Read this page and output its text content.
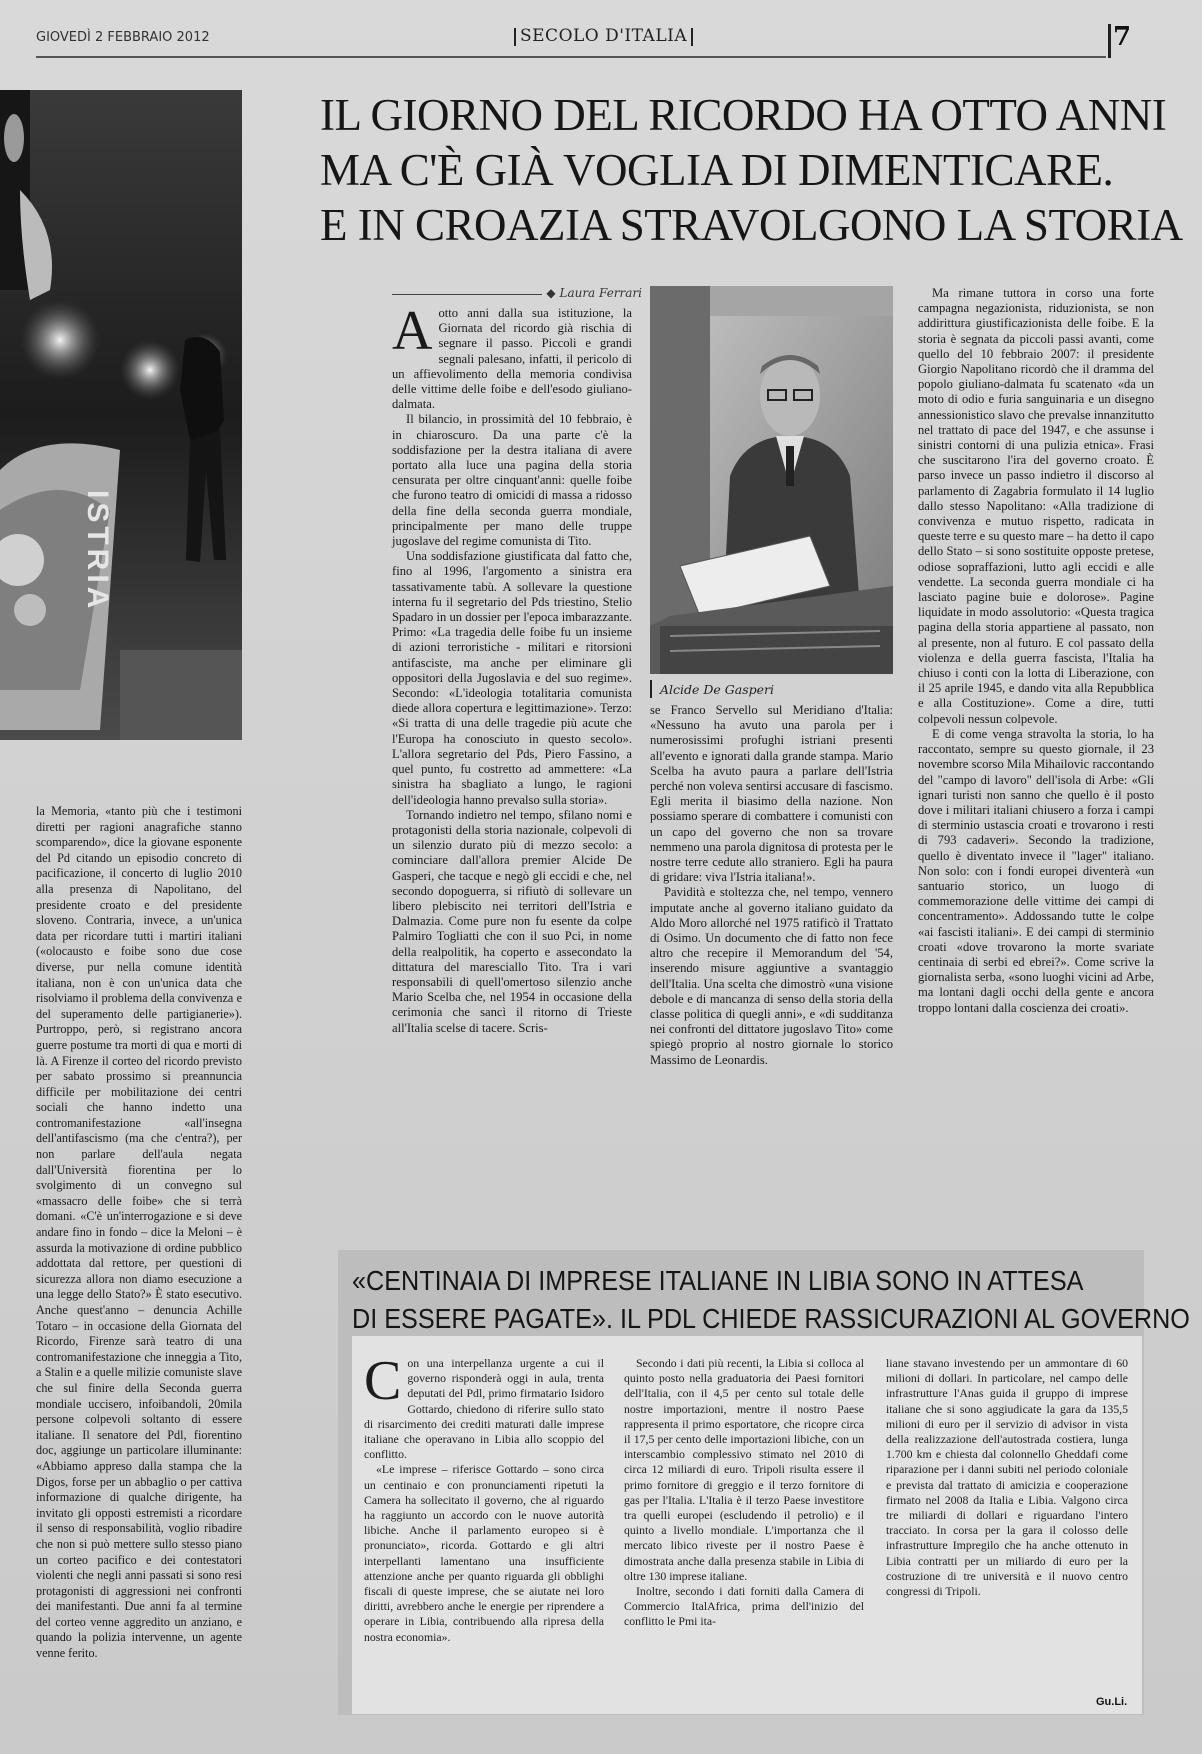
GIOVEDÌ 2 FEBBRAIO 2012	SECOLO D'ITALIA	7
ISTRIA
IL GIORNO DEL RICORDO HA OTTO ANNI
MA C'È GIÀ VOGLIA DI DIMENTICARE.
E IN CROAZIA STRAVOLGONO LA STORIA
◆ Laura Ferrari
A otto anni dalla sua istituzione, la Giornata del ricordo già rischia di segnare il passo. Piccoli e grandi segnali palesano, infatti, il pericolo di un affievolimento della memoria condivisa delle vittime delle foibe e dell'esodo giuliano-dalmata.

Il bilancio, in prossimità del 10 febbraio, è in chiaroscuro. Da una parte c'è la soddisfazione per la destra italiana di avere portato alla luce una pagina della storia censurata per oltre cinquant'anni: quelle foibe che furono teatro di omicidi di massa a ridosso della fine della seconda guerra mondiale, principalmente per mano delle truppe jugoslave del regime comunista di Tito.

Una soddisfazione giustificata dal fatto che, fino al 1996, l'argomento a sinistra era tassativamente tabù. A sollevare la questione interna fu il segretario del Pds triestino, Stelio Spadaro in un dossier per l'epoca imbarazzante. Primo: «La tragedia delle foibe fu un insieme di azioni terroristiche - militari e ritorsioni antifasciste, ma anche per eliminare gli oppositori della Jugoslavia e del suo regime». Secondo: «L'ideologia totalitaria comunista diede allora copertura e legittimazione». Terzo: «Si tratta di una delle tragedie più acute che l'Europa ha conosciuto in questo secolo». L'allora segretario del Pds, Piero Fassino, a quel punto, fu costretto ad ammettere: «La sinistra ha sbagliato a lungo, le ragioni dell'ideologia hanno prevalso sulla storia».

Tornando indietro nel tempo, sfilano nomi e protagonisti della storia nazionale, colpevoli di un silenzio durato più di mezzo secolo: a cominciare dall'allora premier Alcide De Gasperi, che tacque e negò gli eccidi e che, nel secondo dopoguerra, si rifiutò di sollevare un libero plebiscito nei territori dell'Istria e Dalmazia. Come pure non fu esente da colpe Palmiro Togliatti che con il suo Pci, in nome della realpolitik, ha coperto e assecondato la dittatura del maresciallo Tito. Tra i vari responsabili di quell'omertoso silenzio anche Mario Scelba che, nel 1954 in occasione della cerimonia che sancì il ritorno di Trieste all'Italia scelse di tacere. Scris-

Alcide De Gasperi

se Franco Servello sul Meridiano d'Italia: «Nessuno ha avuto una parola per i numerosissimi profughi istriani presenti all'evento e ignorati dalla grande stampa. Mario Scelba ha avuto paura a parlare dell'Istria perché non voleva sentirsi accusare di fascismo. Egli merita il biasimo della nazione. Non possiamo sperare di combattere i comunisti con un capo del governo che non sa trovare nemmeno una parola dignitosa di protesta per le nostre terre cedute allo straniero. Egli ha paura di gridare: viva l'Istria italiana!».

Pavidità e stoltezza che, nel tempo, vennero imputate anche al governo italiano guidato da Aldo Moro allorché nel 1975 ratificò il Trattato di Osimo. Un documento che di fatto non fece altro che recepire il Memorandum del '54, inserendo misure aggiuntive a svantaggio dell'Italia. Una scelta che dimostrò «una visione debole e di mancanza di senso della storia della classe politica di quegli anni», e «di sudditanza nei confronti del dittatore jugoslavo Tito» come spiegò proprio al nostro giornale lo storico Massimo de Leonardis.

Ma rimane tuttora in corso una forte campagna negazionista, riduzionista, se non addirittura giustificazionista delle foibe. E la storia è segnata da piccoli passi avanti, come quello del 10 febbraio 2007: il presidente Giorgio Napolitano ricordò che il dramma del popolo giuliano-dalmata fu scatenato «da un moto di odio e furia sanguinaria e un disegno annessionistico slavo che prevalse innanzitutto nel trattato di pace del 1947, e che assunse i sinistri contorni di una pulizia etnica». Frasi che suscitarono l'ira del governo croato. È parso invece un passo indietro il discorso al parlamento di Zagabria formulato il 14 luglio dallo stesso Napolitano: «Alla tradizione di convivenza e mutuo rispetto, radicata in queste terre e su questo mare – ha detto il capo dello Stato – si sono sostituite opposte pretese, odiose sopraffazioni, lutto agli eccidi e alle vendette. La seconda guerra mondiale ci ha lasciato pagine buie e dolorose». Pagine liquidate in modo assolutorio: «Questa tragica pagina della storia appartiene al passato, non al presente, non al futuro. E col passato della violenza e della guerra fascista, l'Italia ha chiuso i conti con la lotta di Liberazione, con il 25 aprile 1945, e dando vita alla Repubblica e alla Costituzione». Come a dire, tutti colpevoli nessun colpevole.

E di come venga stravolta la storia, lo ha raccontato, sempre su questo giornale, il 23 novembre scorso Mila Mihailovic raccontando del "campo di lavoro" dell'isola di Arbe: «Gli ignari turisti non sanno che quello è il posto dove i militari italiani chiusero a forza i campi di sterminio ustascia croati e trovarono i resti di 793 cadaveri». Secondo la tradizione, quello è diventato invece il "lager" italiano. Non solo: con i fondi europei diventerà «un santuario storico, un luogo di commemorazione delle vittime dei campi di concentramento». Addossando tutte le colpe «ai fascisti italiani». E dei campi di sterminio croati «dove trovarono la morte svariate centinaia di serbi ed ebrei?». Come scrive la giornalista serba, «sono luoghi vicini ad Arbe, ma lontani dagli occhi della gente e ancora troppo lontani dalla coscienza dei croati».

la Memoria, «tanto più che i testimoni diretti per ragioni anagrafiche stanno scomparendo», dice la giovane esponente del Pd citando un episodio concreto di pacificazione, il concerto di luglio 2010 alla presenza di Napolitano, del presidente croato e del presidente sloveno. Contraria, invece, a un'unica data per ricordare tutti i martiri italiani («olocausto e foibe sono due cose diverse, pur nella comune identità italiana, non è con un'unica data che risolviamo il problema della convivenza e del superamento delle partigianerie»). Purtroppo, però, si registrano ancora guerre postume tra morti di qua e morti di là. A Firenze il corteo del ricordo previsto per sabato prossimo si preannuncia difficile per mobilitazione dei centri sociali che hanno indetto una contromanifestazione «all'insegna dell'antifascismo (ma che c'entra?), per non parlare dell'aula negata dall'Università fiorentina per lo svolgimento di un convegno sul «massacro delle foibe» che si terrà domani. «C'è un'interrogazione e si deve andare fino in fondo – dice la Meloni – è assurda la motivazione di ordine pubblico addottata dal rettore, per questioni di sicurezza allora non diamo esecuzione a una legge dello Stato?» È stato esecutivo. Anche quest'anno – denuncia Achille Totaro – in occasione della Giornata del Ricordo, Firenze sarà teatro di una contromanifestazione che inneggia a Tito, a Stalin e a quelle milizie comuniste slave che sul finire della Seconda guerra mondiale uccisero, infoibandoli, 20mila persone colpevoli soltanto di essere italiane. Il senatore del Pdl, fiorentino doc, aggiunge un particolare illuminante: «Abbiamo appreso dalla stampa che la Digos, forse per un abbaglio o per cattiva informazione di qualche dirigente, ha invitato gli opposti estremisti a ricordare il senso di responsabilità, voglio ribadire che non si può mettere sullo stesso piano un corteo pacifico e dei contestatori violenti che negli anni passati si sono resi protagonisti di aggressioni nei confronti dei manifestanti. Due anni fa al termine del corteo venne aggredito un anziano, e quando la polizia intervenne, un agente venne ferito.

«CENTINAIA DI IMPRESE ITALIANE IN LIBIA SONO IN ATTESA
DI ESSERE PAGATE». IL PDL CHIEDE RASSICURAZIONI AL GOVERNO
C on una interpellanza urgente a cui il governo risponderà oggi in aula, trenta deputati del Pdl, primo firmatario Isidoro Gottardo, chiedono di riferire sullo stato di risarcimento dei crediti maturati dalle imprese italiane che operavano in Libia allo scoppio del conflitto.

«Le imprese – riferisce Gottardo – sono circa un centinaio e con pronunciamenti ripetuti la Camera ha sollecitato il governo, che al riguardo ha raggiunto un accordo con le nuove autorità libiche. Anche il parlamento europeo si è pronunciato», ricorda. Gottardo e gli altri interpellanti lamentano una insufficiente attenzione anche per quanto riguarda gli obblighi fiscali di queste imprese, che se aiutate nei loro diritti, avrebbero anche le energie per riprendere a operare in Libia, contribuendo alla ripresa della nostra economia».

Secondo i dati più recenti, la Libia si colloca al quinto posto nella graduatoria dei Paesi fornitori dell'Italia, con il 4,5 per cento sul totale delle nostre importazioni, mentre il nostro Paese rappresenta il primo esportatore, che ricopre circa il 17,5 per cento delle importazioni libiche, con un interscambio complessivo stimato nel 2010 di circa 12 miliardi di euro. Tripoli risulta essere il primo fornitore di greggio e il terzo fornitore di gas per l'Italia. L'Italia è il terzo Paese investitore tra quelli europei (escludendo il petrolio) e il quinto a livello mondiale. L'importanza che il mercato libico riveste per il nostro Paese è dimostrata anche dalla presenza stabile in Libia di oltre 130 imprese italiane.

Inoltre, secondo i dati forniti dalla Camera di Commercio ItalAfrica, prima dell'inizio del conflitto le Pmi ita-

liane stavano investendo per un ammontare di 60 milioni di dollari. In particolare, nel campo delle infrastrutture l'Anas guida il gruppo di imprese italiane che si sono aggiudicate la gara da 135,5 milioni di euro per il servizio di advisor in vista della realizzazione dell'autostrada costiera, lunga 1.700 km e chiesta dal colonnello Gheddafi come riparazione per i danni subiti nel periodo coloniale e prevista dal trattato di amicizia e cooperazione firmato nel 2008 da Italia e Libia. Valgono circa tre miliardi di dollari e riguardano l'intero tracciato. In corsa per la gara il colosso delle infrastrutture Impregilo che ha anche ottenuto in Libia contratti per un miliardo di euro per la costruzione di tre università e il nuovo centro congressi di Tripoli.

Gu.Li.
